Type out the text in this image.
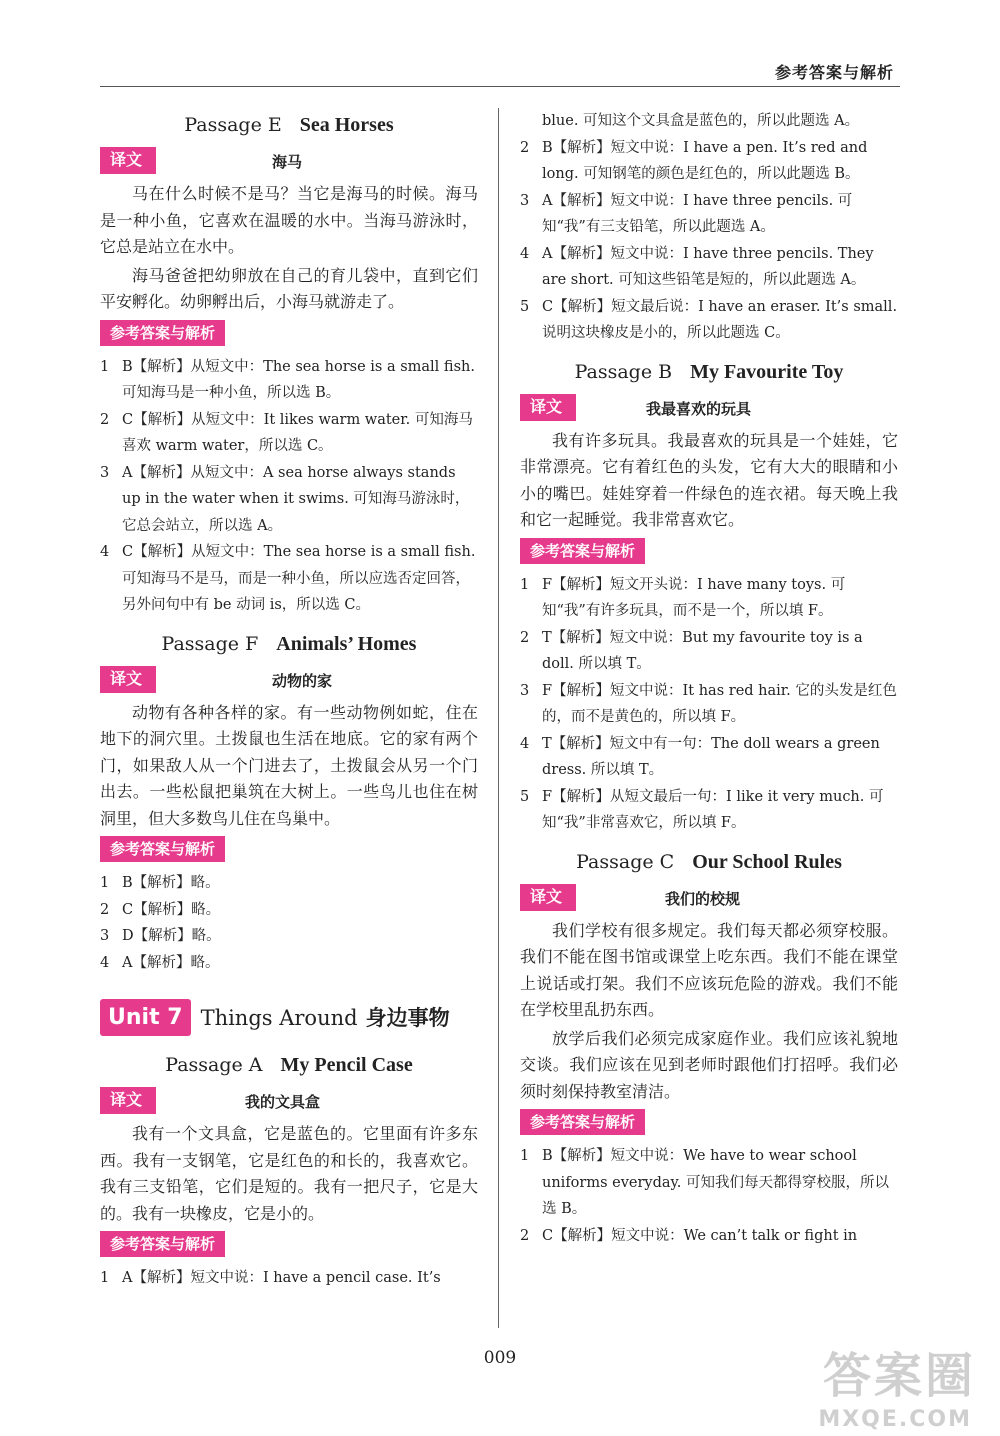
参考答案与解析
Passage E Sea Horses
译文	海马

马在什么时候不是马？当它是海马的时候。海马是一种小鱼，它喜欢在温暖的水中。当海马游泳时，它总是站立在水中。

海马爸爸把幼卵放在自己的育儿袋中，直到它们平安孵化。幼卵孵出后，小海马就游走了。

参考答案与解析

1 B【解析】从短文中：The sea horse is a small fish. 可知海马是一种小鱼，所以选 B。

2 C【解析】从短文中：It likes warm water. 可知海马喜欢 warm water，所以选 C。

3 A【解析】从短文中：A sea horse always stands up in the water when it swims. 可知海马游泳时，它总会站立，所以选 A。

4 C【解析】从短文中：The sea horse is a small fish. 可知海马不是马，而是一种小鱼，所以应选否定回答，另外问句中有 be 动词 is，所以选 C。

Passage F Animals’ Homes
译文	动物的家

动物有各种各样的家。有一些动物例如蛇，住在地下的洞穴里。土拨鼠也生活在地底。它的家有两个门，如果敌人从一个门进去了，土拨鼠会从另一个门出去。一些松鼠把巢筑在大树上。一些鸟儿也住在树洞里，但大多数鸟儿住在鸟巢中。

参考答案与解析

1 B【解析】略。

2 C【解析】略。

3 D【解析】略。

4 A【解析】略。

Unit 7 Things Around 身边事物
Passage A My Pencil Case
译文	我的文具盒

我有一个文具盒，它是蓝色的。它里面有许多东西。我有一支钢笔，它是红色的和长的，我喜欢它。我有三支铅笔，它们是短的。我有一把尺子，它是大的。我有一块橡皮，它是小的。

参考答案与解析

1 A【解析】短文中说：I have a pencil case. It’s

blue. 可知这个文具盒是蓝色的，所以此题选 A。

2 B【解析】短文中说：I have a pen. It’s red and long. 可知钢笔的颜色是红色的，所以此题选 B。

3 A【解析】短文中说：I have three pencils. 可知“我”有三支铅笔，所以此题选 A。

4 A【解析】短文中说：I have three pencils. They are short. 可知这些铅笔是短的，所以此题选 A。

5 C【解析】短文最后说：I have an eraser. It’s small. 说明这块橡皮是小的，所以此题选 C。

Passage B My Favourite Toy
译文	我最喜欢的玩具

我有许多玩具。我最喜欢的玩具是一个娃娃，它非常漂亮。它有着红色的头发，它有大大的眼睛和小小的嘴巴。娃娃穿着一件绿色的连衣裙。每天晚上我和它一起睡觉。我非常喜欢它。

参考答案与解析

1 F【解析】短文开头说：I have many toys. 可知“我”有许多玩具，而不是一个，所以填 F。

2 T【解析】短文中说：But my favourite toy is a doll. 所以填 T。

3 F【解析】短文中说：It has red hair. 它的头发是红色的，而不是黄色的，所以填 F。

4 T【解析】短文中有一句：The doll wears a green dress. 所以填 T。

5 F【解析】从短文最后一句：I like it very much. 可知“我”非常喜欢它，所以填 F。

Passage C Our School Rules
译文	我们的校规

我们学校有很多规定。我们每天都必须穿校服。我们不能在图书馆或课堂上吃东西。我们不能在课堂上说话或打架。我们不应该玩危险的游戏。我们不能在学校里乱扔东西。

放学后我们必须完成家庭作业。我们应该礼貌地交谈。我们应该在见到老师时跟他们打招呼。我们必须时刻保持教室清洁。

参考答案与解析

1 B【解析】短文中说：We have to wear school uniforms everyday. 可知我们每天都得穿校服，所以选 B。

2 C【解析】短文中说：We can’t talk or fight in

009	答案圈
MXQE.COM
